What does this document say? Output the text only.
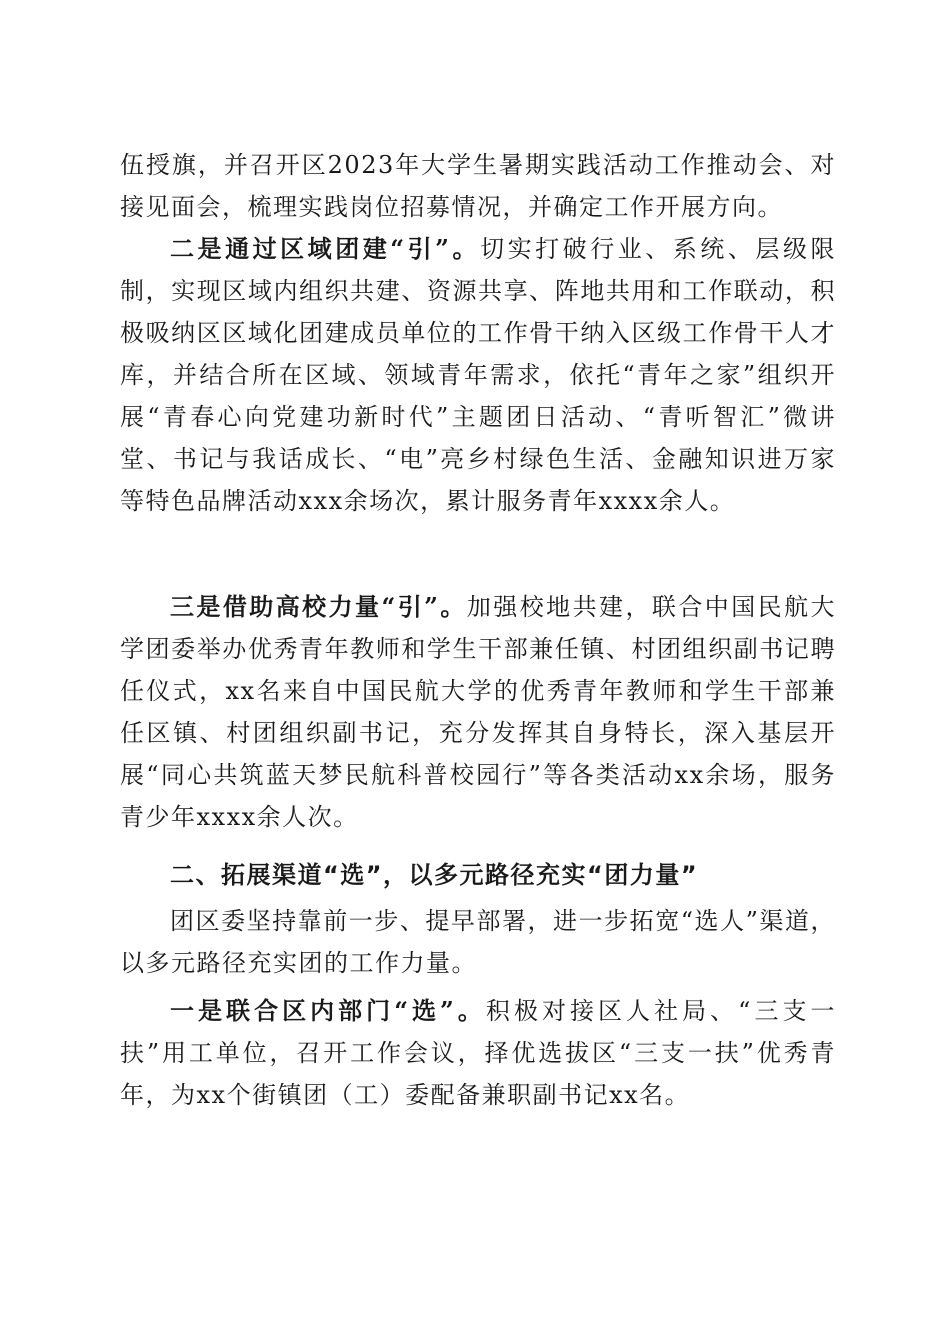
伍授旗，并召开区2023年大学生暑期实践活动工作推动会、对接见面会，梳理实践岗位招募情况，并确定工作开展方向。

二是通过区域团建“引”。切实打破行业、系统、层级限制，实现区域内组织共建、资源共享、阵地共用和工作联动，积极吸纳区区域化团建成员单位的工作骨干纳入区级工作骨干人才库，并结合所在区域、领域青年需求，依托“青年之家”组织开展“青春心向党建功新时代”主题团日活动、“青听智汇”微讲堂、书记与我话成长、“电”亮乡村绿色生活、金融知识进万家等特色品牌活动xxx余场次，累计服务青年xxxx余人。

三是借助高校力量“引”。加强校地共建，联合中国民航大学团委举办优秀青年教师和学生干部兼任镇、村团组织副书记聘任仪式，xx名来自中国民航大学的优秀青年教师和学生干部兼任区镇、村团组织副书记，充分发挥其自身特长，深入基层开展“同心共筑蓝天梦民航科普校园行”等各类活动xx余场，服务青少年xxxx余人次。

二、拓展渠道“选”，以多元路径充实“团力量”

团区委坚持靠前一步、提早部署，进一步拓宽“选人”渠道，以多元路径充实团的工作力量。

一是联合区内部门“选”。积极对接区人社局、“三支一扶”用工单位，召开工作会议，择优选拔区“三支一扶”优秀青年，为xx个街镇团（工）委配备兼职副书记xx名。
